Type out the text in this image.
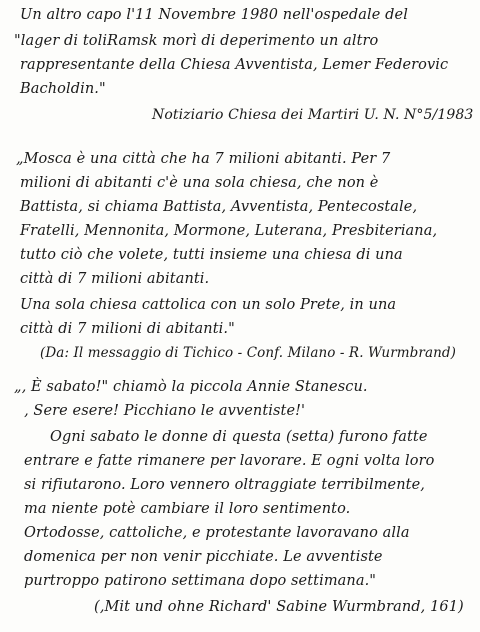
Un altro capo l'11 Novembre 1980 nell'ospedale del
"lager di toliRamsk morì di deperimento un altro
rappresentante della Chiesa Avventista, Lemer Federovic
Bacholdin."
Notiziario Chiesa dei Martiri U. N. N°5/1983
„Mosca è una città che ha 7 milioni abitanti. Per 7
milioni di abitanti c'è una sola chiesa, che non è
Battista, si chiama Battista, Avventista, Pentecostale,
Fratelli, Mennonita, Mormone, Luterana, Presbiteriana,
tutto ciò che volete, tutti insieme una chiesa di una
città di 7 milioni abitanti.
Una sola chiesa cattolica con un solo Prete, in una
città di 7 milioni di abitanti."
(Da: Il messaggio di Tichico - Conf. Milano - R. Wurmbrand)
„‚ È sabato!" chiamò la piccola Annie Stanescu.
‚ Sere esere! Picchiano le avventiste!'
Ogni sabato le donne di questa (setta) furono fatte
entrare e fatte rimanere per lavorare. E ogni volta loro
si rifiutarono. Loro vennero oltraggiate terribilmente,
ma niente potè cambiare il loro sentimento.
Ortodosse, cattoliche, e protestante lavoravano alla
domenica per non venir picchiate. Le avventiste
purtroppo patirono settimana dopo settimana."
(‚Mit und ohne Richard' Sabine Wurmbrand, 161)
